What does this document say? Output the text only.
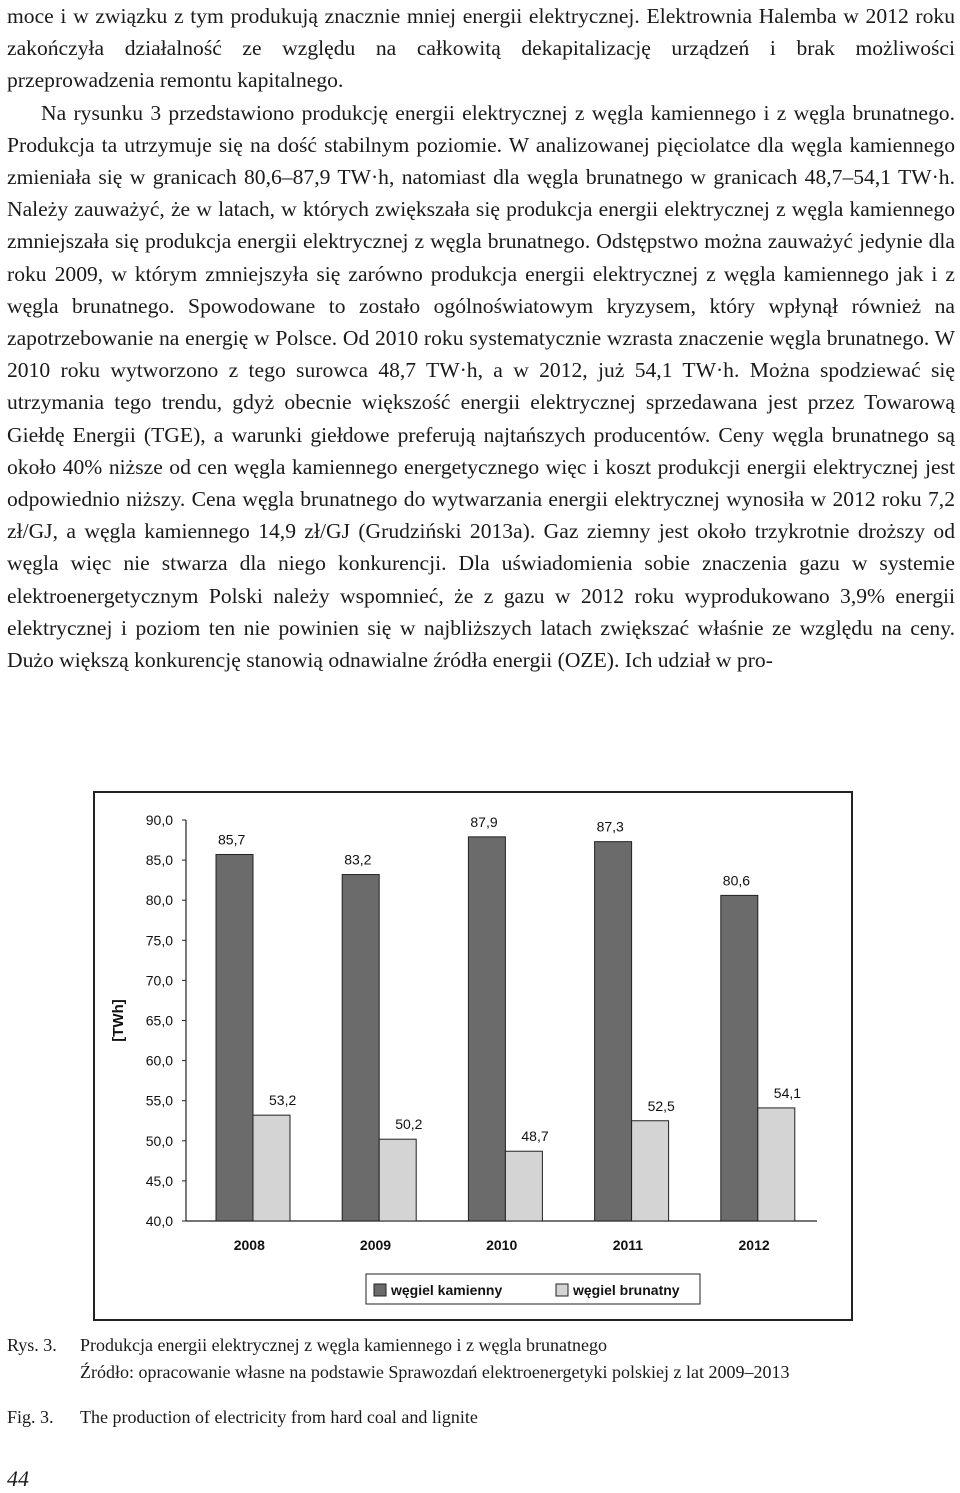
moce i w związku z tym produkują znacznie mniej energii elektrycznej. Elektrownia Halemba w 2012 roku zakończyła działalność ze względu na całkowitą dekapitalizację urządzeń i brak możliwości przeprowadzenia remontu kapitalnego.

Na rysunku 3 przedstawiono produkcję energii elektrycznej z węgla kamiennego i z węgla brunatnego. Produkcja ta utrzymuje się na dość stabilnym poziomie. W analizowanej pięciolatce dla węgla kamiennego zmieniała się w granicach 80,6–87,9 TW·h, natomiast dla węgla brunatnego w granicach 48,7–54,1 TW·h. Należy zauważyć, że w latach, w których zwiększała się produkcja energii elektrycznej z węgla kamiennego zmniejszała się produkcja energii elektrycznej z węgla brunatnego. Odstępstwo można zauważyć jedynie dla roku 2009, w którym zmniejszyła się zarówno produkcja energii elektrycznej z węgla kamiennego jak i z węgla brunatnego. Spowodowane to zostało ogólnoświatowym kryzysem, który wpłynął również na zapotrzebowanie na energię w Polsce. Od 2010 roku systematycznie wzrasta znaczenie węgla brunatnego. W 2010 roku wytworzono z tego surowca 48,7 TW·h, a w 2012, już 54,1 TW·h. Można spodziewać się utrzymania tego trendu, gdyż obecnie większość energii elektrycznej sprzedawana jest przez Towarową Giełdę Energii (TGE), a warunki giełdowe preferują najtańszych producentów. Ceny węgla brunatnego są około 40% niższe od cen węgla kamiennego energetycznego więc i koszt produkcji energii elektrycznej jest odpowiednio niższy. Cena węgla brunatnego do wytwarzania energii elektrycznej wynosiła w 2012 roku 7,2 zł/GJ, a węgla kamiennego 14,9 zł/GJ (Grudziński 2013a). Gaz ziemny jest około trzykrotnie droższy od węgla więc nie stwarza dla niego konkurencji. Dla uświadomienia sobie znaczenia gazu w systemie elektroenergetycznym Polski należy wspomnieć, że z gazu w 2012 roku wyprodukowano 3,9% energii elektrycznej i poziom ten nie powinien się w najbliższych latach zwiększać właśnie ze względu na ceny. Dużo większą konkurencję stanowią odnawialne źródła energii (OZE). Ich udział w pro-

40,0
45,0
50,0
55,0
60,0
65,0
70,0
75,0
80,0
85,0
90,0
[TWh]
85,7
53,2
2008
83,2
50,2
2009
87,9
48,7
2010
87,3
52,5
2011
80,6
54,1
2012
węgiel kamienny	węgiel brunatny
Rys. 3.	Produkcja energii elektrycznej z węgla kamiennego i z węgla brunatnego
Źródło: opracowanie własne na podstawie Sprawozdań elektroenergetyki polskiej z lat 2009–2013
Fig. 3.	The production of electricity from hard coal and lignite
44
